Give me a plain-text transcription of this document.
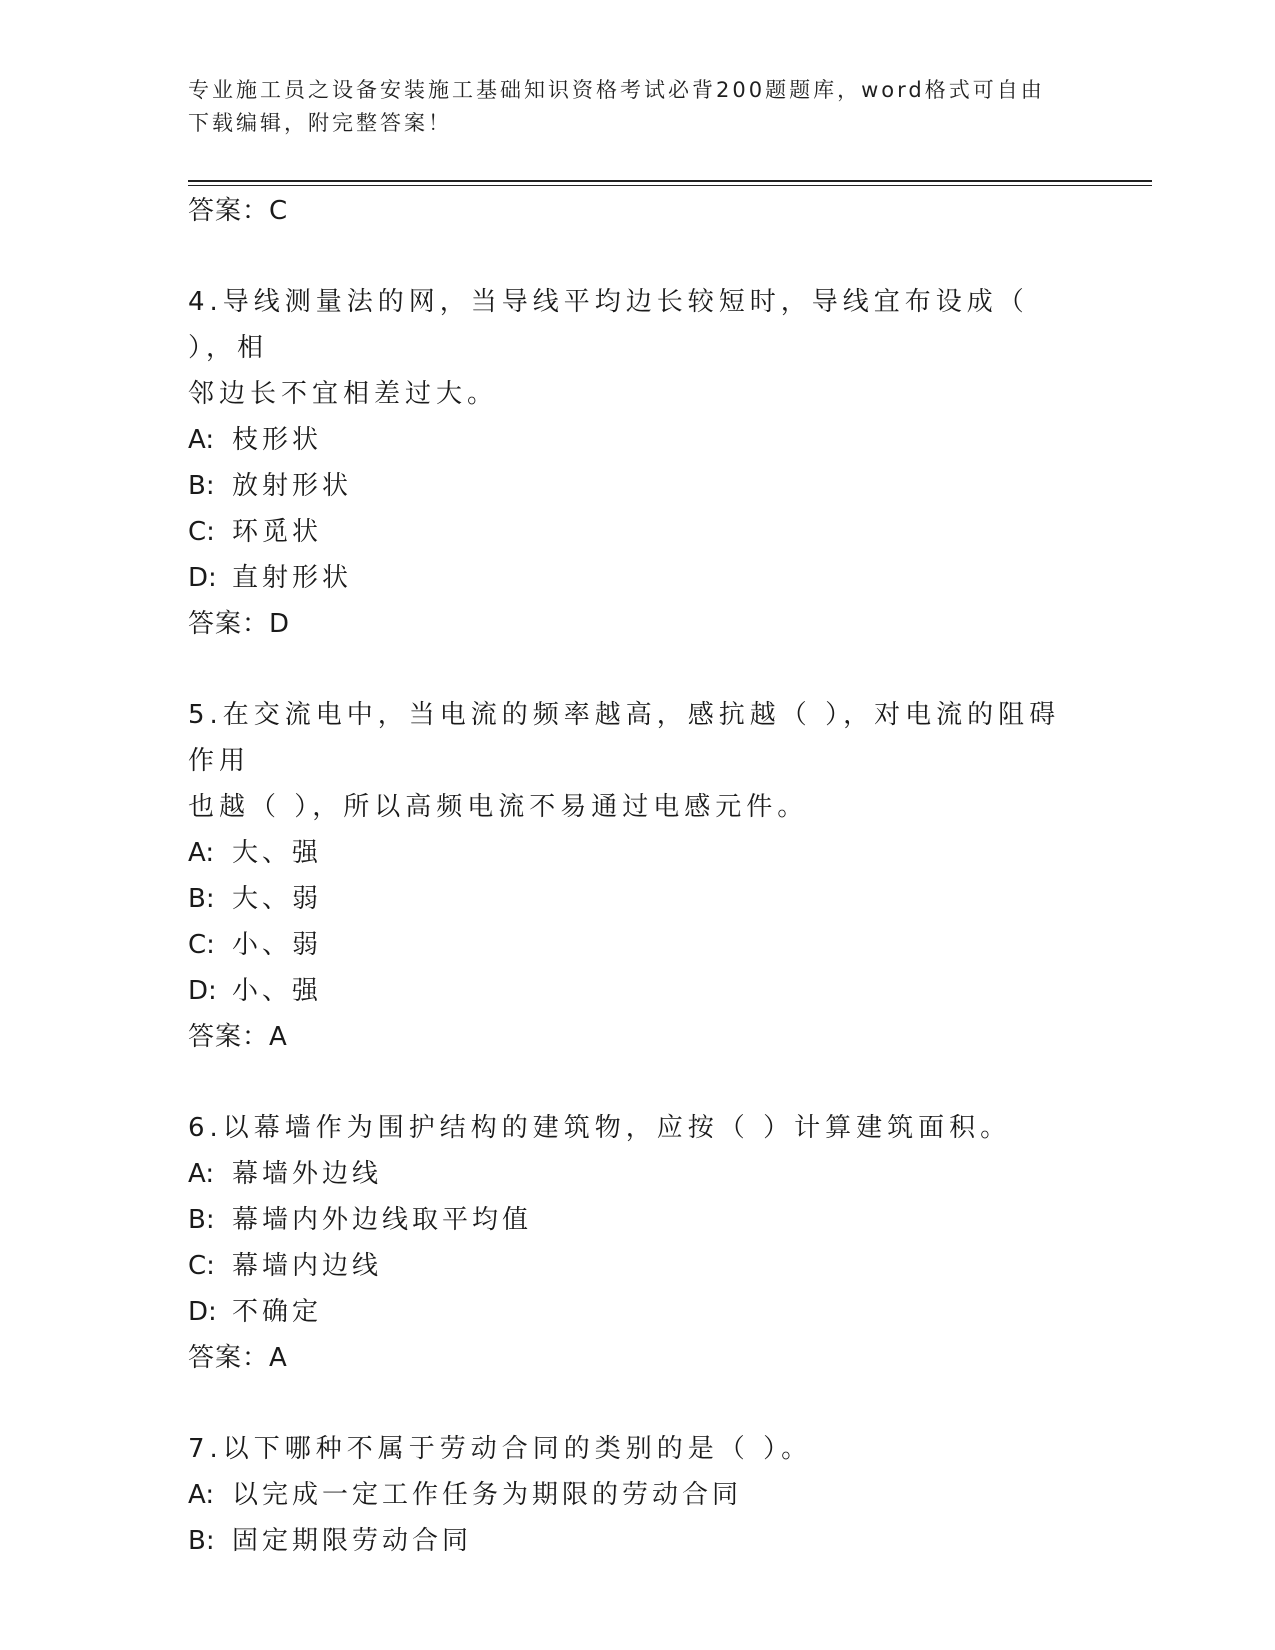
专业施工员之设备安装施工基础知识资格考试必背200题题库，word格式可自由下载编辑，附完整答案！
答案：C
4.导线测量法的网，当导线平均边长较短时，导线宜布设成（ ），相
邻边长不宜相差过大。
A: 枝形状
B: 放射形状
C: 环觅状
D: 直射形状
答案：D
5.在交流电中，当电流的频率越高，感抗越（ ），对电流的阻碍作用
也越（ ），所以高频电流不易通过电感元件。
A: 大、强
B: 大、弱
C: 小、弱
D: 小、强
答案：A
6.以幕墙作为围护结构的建筑物，应按（ ）计算建筑面积。
A: 幕墙外边线
B: 幕墙内外边线取平均值
C: 幕墙内边线
D: 不确定
答案：A
7.以下哪种不属于劳动合同的类别的是（ ）。
A: 以完成一定工作任务为期限的劳动合同
B: 固定期限劳动合同
